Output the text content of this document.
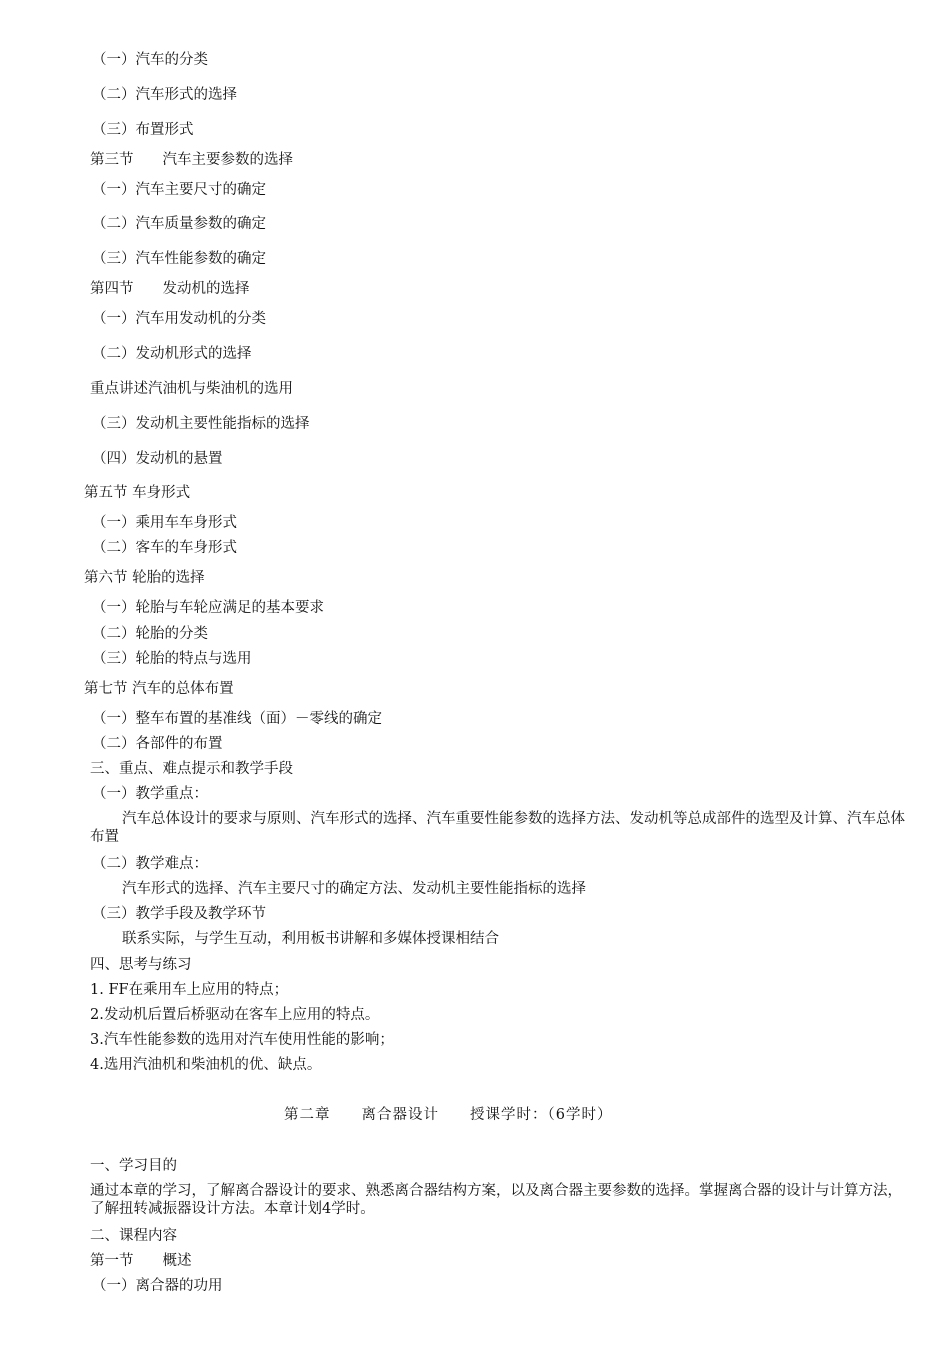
（一）汽车的分类
（二）汽车形式的选择
（三）布置形式
第三节　　汽车主要参数的选择
（一）汽车主要尺寸的确定
（二）汽车质量参数的确定
（三）汽车性能参数的确定
第四节　　发动机的选择
（一）汽车用发动机的分类
（二）发动机形式的选择
重点讲述汽油机与柴油机的选用
（三）发动机主要性能指标的选择
（四）发动机的悬置
第五节 车身形式
（一）乘用车车身形式
（二）客车的车身形式
第六节 轮胎的选择
（一）轮胎与车轮应满足的基本要求
（二）轮胎的分类
（三）轮胎的特点与选用
第七节 汽车的总体布置
（一）整车布置的基准线（面）－零线的确定
（二）各部件的布置
三、重点、难点提示和教学手段
（一）教学重点：
汽车总体设计的要求与原则、汽车形式的选择、汽车重要性能参数的选择方法、发动机等总成部件的选型及计算、汽车总体布置
（二）教学难点：
汽车形式的选择、汽车主要尺寸的确定方法、发动机主要性能指标的选择
（三）教学手段及教学环节
联系实际，与学生互动，利用板书讲解和多媒体授课相结合
四、思考与练习
1. FF在乘用车上应用的特点；
2.发动机后置后桥驱动在客车上应用的特点。
3.汽车性能参数的选用对汽车使用性能的影响；
4.选用汽油机和柴油机的优、缺点。
第二章　　离合器设计　　授课学时：（6学时）
一、学习目的
通过本章的学习，了解离合器设计的要求、熟悉离合器结构方案，以及离合器主要参数的选择。掌握离合器的设计与计算方法，了解扭转减振器设计方法。本章计划4学时。
二、课程内容
第一节　　概述
（一）离合器的功用
